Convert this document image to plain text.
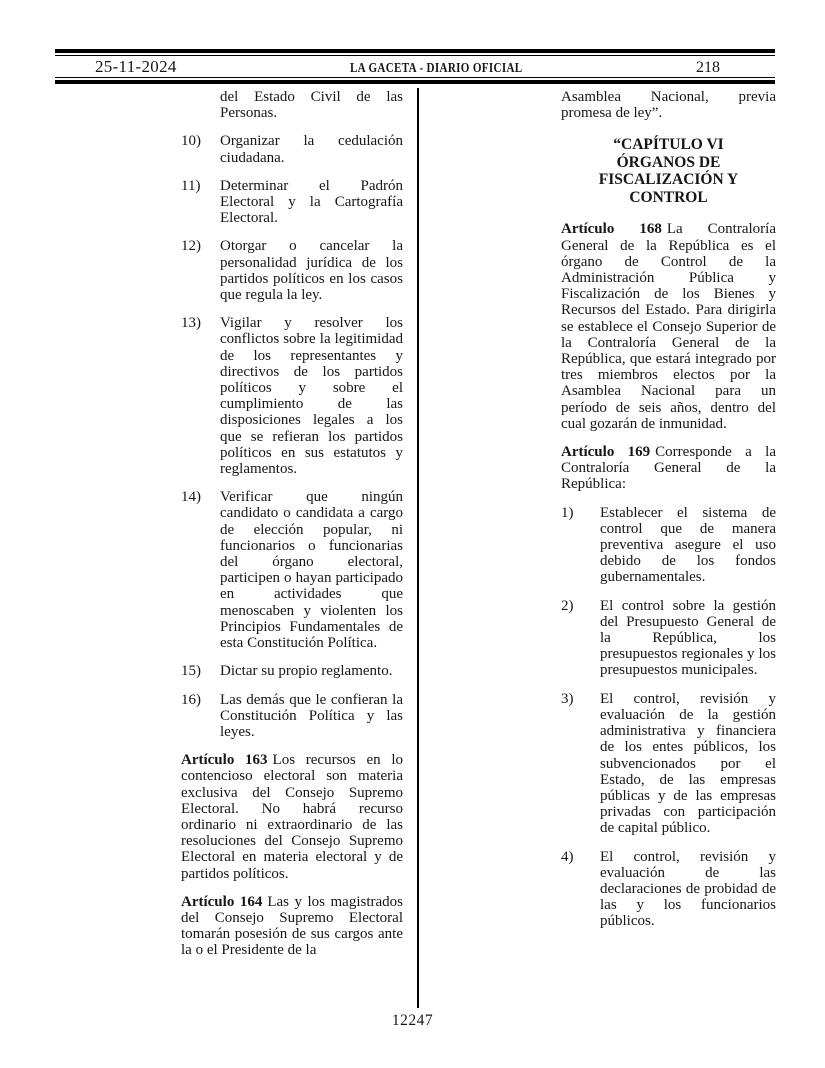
25-11-2024	LA GACETA - DIARIO OFICIAL	218

del Estado Civil de las Personas.

10)	Organizar la cedulación ciudadana.
11)	Determinar el Padrón Electoral y la Cartografía Electoral.
12)	Otorgar o cancelar la personalidad jurídica de los partidos políticos en los casos que regula la ley.
13)	Vigilar y resolver los conflictos sobre la legitimidad de los representantes y directivos de los partidos políticos y sobre el cumplimiento de las disposiciones legales a los que se refieran los partidos políticos en sus estatutos y reglamentos.
14)	Verificar que ningún candidato o candidata a cargo de elección popular, ni funcionarios o funcionarias del órgano electoral, participen o hayan participado en actividades que menoscaben y violenten los Principios Fundamentales de esta Constitución Política.
15)	Dictar su propio reglamento.
16)	Las demás que le confieran la Constitución Política y las leyes.

Artículo 163 Los recursos en lo contencioso electoral son materia exclusiva del Consejo Supremo Electoral. No habrá recurso ordinario ni extraordinario de las resoluciones del Consejo Supremo Electoral en materia electoral y de partidos políticos.

Artículo 164 Las y los magistrados del Consejo Supremo Electoral tomarán posesión de sus cargos ante la o el Presidente de la

Asamblea Nacional, previa promesa de ley”.

“CAPÍTULO VI
ÓRGANOS DE
FISCALIZACIÓN Y
CONTROL

Artículo 168 La Contraloría General de la República es el órgano de Control de la Administración Pública y Fiscalización de los Bienes y Recursos del Estado. Para dirigirla se establece el Consejo Superior de la Contraloría General de la República, que estará integrado por tres miembros electos por la Asamblea Nacional para un período de seis años, dentro del cual gozarán de inmunidad.

Artículo 169 Corresponde a la Contraloría General de la República:

1)	Establecer el sistema de control que de manera preventiva asegure el uso debido de los fondos gubernamentales.
2)	El control sobre la gestión del Presupuesto General de la República, los presupuestos regionales y los presupuestos municipales.
3)	El control, revisión y evaluación de la gestión administrativa y financiera de los entes públicos, los subvencionados por el Estado, de las empresas públicas y de las empresas privadas con participación de capital público.
4)	El control, revisión y evaluación de las declaraciones de probidad de las y los funcionarios públicos.
12247
